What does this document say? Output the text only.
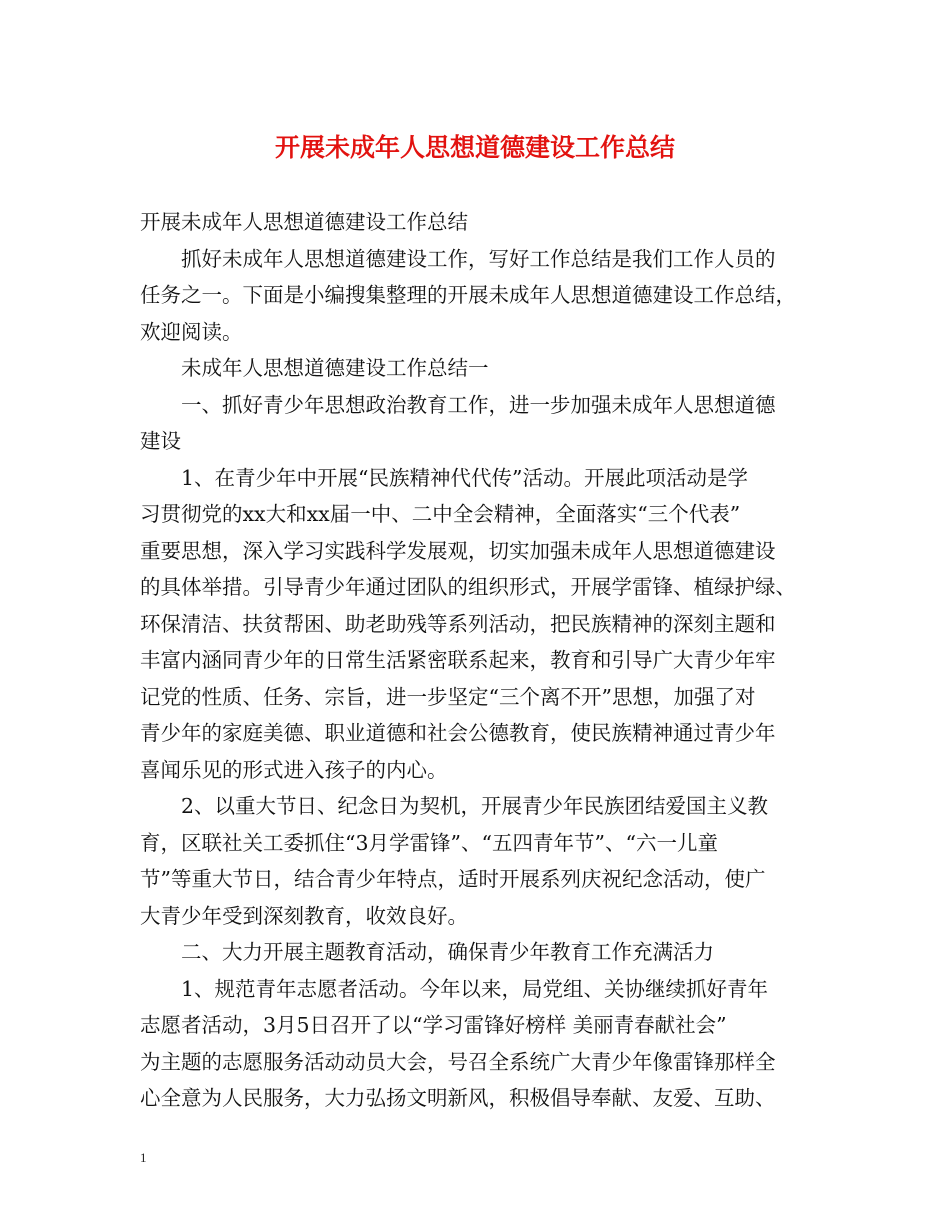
开展未成年人思想道德建设工作总结
开展未成年人思想道德建设工作总结
抓好未成年人思想道德建设工作，写好工作总结是我们工作人员的
任务之一。下面是小编搜集整理的开展未成年人思想道德建设工作总结，
欢迎阅读。
未成年人思想道德建设工作总结一
一、抓好青少年思想政治教育工作，进一步加强未成年人思想道德
建设
1、在青少年中开展“民族精神代代传”活动。开展此项活动是学
习贯彻党的xx大和xx届一中、二中全会精神，全面落实“三个代表”
重要思想，深入学习实践科学发展观，切实加强未成年人思想道德建设
的具体举措。引导青少年通过团队的组织形式，开展学雷锋、植绿护绿、
环保清洁、扶贫帮困、助老助残等系列活动，把民族精神的深刻主题和
丰富内涵同青少年的日常生活紧密联系起来，教育和引导广大青少年牢
记党的性质、任务、宗旨，进一步坚定“三个离不开”思想，加强了对
青少年的家庭美德、职业道德和社会公德教育，使民族精神通过青少年
喜闻乐见的形式进入孩子的内心。
2、以重大节日、纪念日为契机，开展青少年民族团结爱国主义教
育，区联社关工委抓住“3月学雷锋”、“五四青年节”、“六一儿童
节”等重大节日，结合青少年特点，适时开展系列庆祝纪念活动，使广
大青少年受到深刻教育，收效良好。
二、大力开展主题教育活动，确保青少年教育工作充满活力
1、规范青年志愿者活动。今年以来，局党组、关协继续抓好青年
志愿者活动，3月5日召开了以“学习雷锋好榜样 美丽青春献社会”
为主题的志愿服务活动动员大会，号召全系统广大青少年像雷锋那样全
心全意为人民服务，大力弘扬文明新风，积极倡导奉献、友爱、互助、
1
